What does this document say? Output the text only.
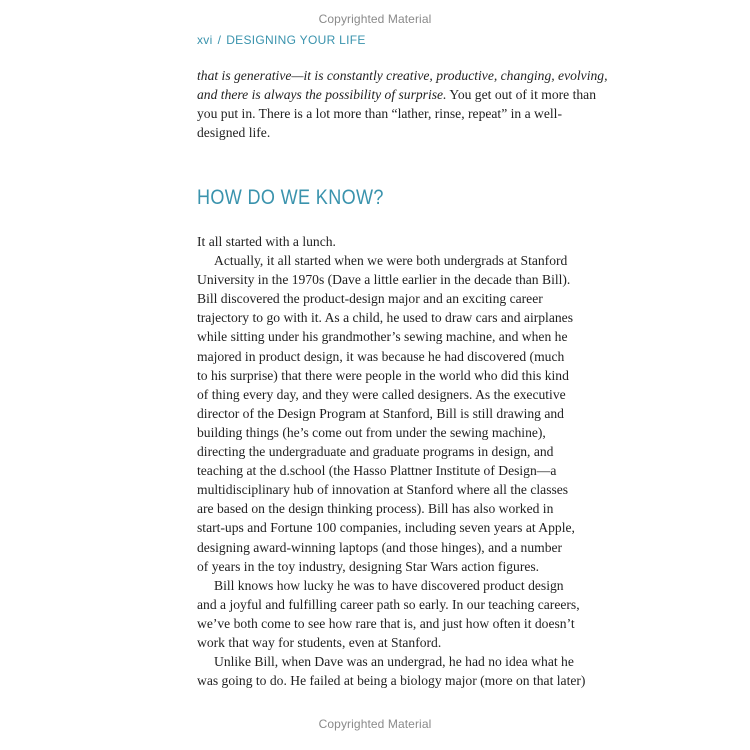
Copyrighted Material
xvi / DESIGNING YOUR LIFE

that is generative—it is constantly creative, productive, changing, evolving,

and there is always the possibility of surprise. You get out of it more than

you put in. There is a lot more than “lather, rinse, repeat” in a well-

designed life.

HOW DO WE KNOW?

It all started with a lunch.

Actually, it all started when we were both undergrads at Stanford

University in the 1970s (Dave a little earlier in the decade than Bill).

Bill discovered the product-design major and an exciting career

trajectory to go with it. As a child, he used to draw cars and airplanes

while sitting under his grandmother’s sewing machine, and when he

majored in product design, it was because he had discovered (much

to his surprise) that there were people in the world who did this kind

of thing every day, and they were called designers. As the executive

director of the Design Program at Stanford, Bill is still drawing and

building things (he’s come out from under the sewing machine),

directing the undergraduate and graduate programs in design, and

teaching at the d.school (the Hasso Plattner Institute of Design—a

multidisciplinary hub of innovation at Stanford where all the classes

are based on the design thinking process). Bill has also worked in

start-ups and Fortune 100 companies, including seven years at Apple,

designing award-winning laptops (and those hinges), and a number

of years in the toy industry, designing Star Wars action figures.

Bill knows how lucky he was to have discovered product design

and a joyful and fulfilling career path so early. In our teaching careers,

we’ve both come to see how rare that is, and just how often it doesn’t

work that way for students, even at Stanford.

Unlike Bill, when Dave was an undergrad, he had no idea what he

was going to do. He failed at being a biology major (more on that later)

Copyrighted Material
